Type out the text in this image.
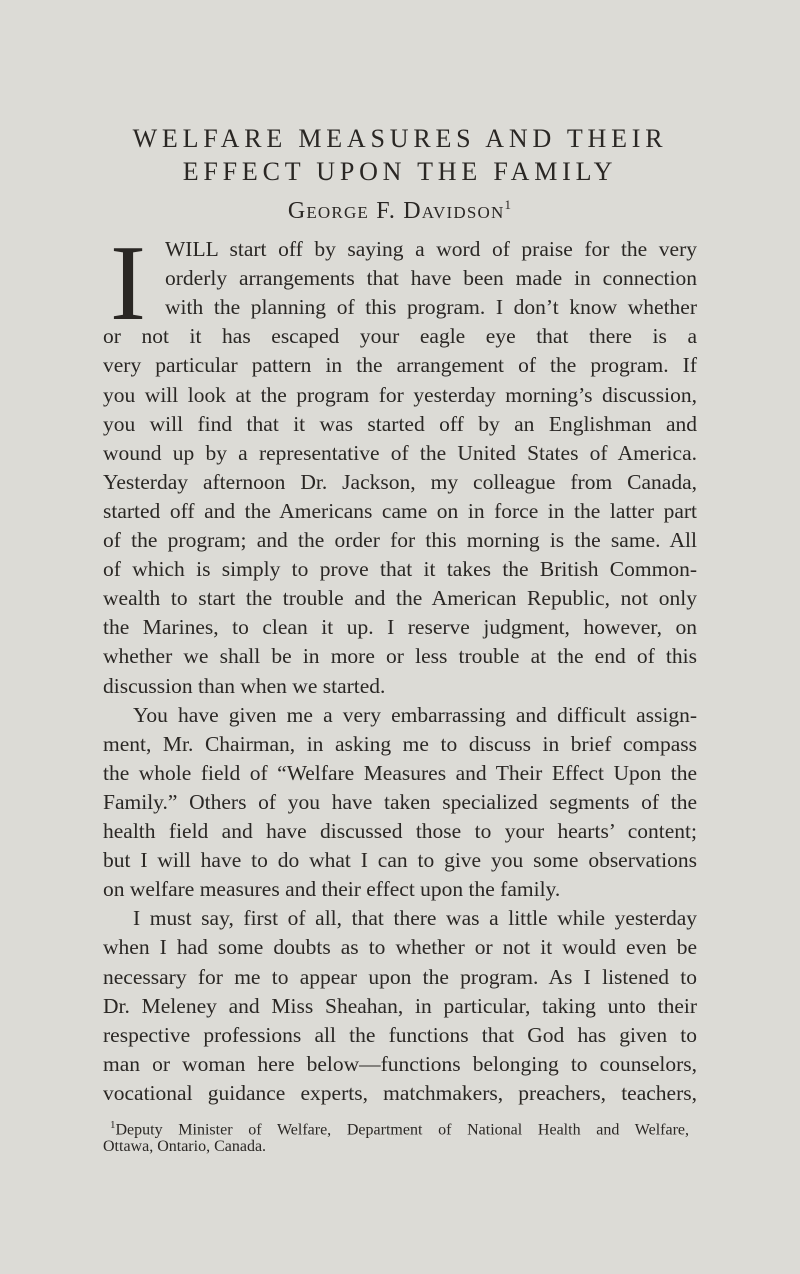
WELFARE MEASURES AND THEIR
EFFECT UPON THE FAMILY
George F. Davidson$^1$
I WILL start off by saying a word of praise for the very
orderly arrangements that have been made in connection
with the planning of this program. I don’t know whether
or not it has escaped your eagle eye that there is a
very particular pattern in the arrangement of the program. If
you will look at the program for yesterday morning’s discussion,
you will find that it was started off by an Englishman and
wound up by a representative of the United States of America.
Yesterday afternoon Dr. Jackson, my colleague from Canada,
started off and the Americans came on in force in the latter part
of the program; and the order for this morning is the same. All
of which is simply to prove that it takes the British Common-
wealth to start the trouble and the American Republic, not only
the Marines, to clean it up. I reserve judgment, however, on
whether we shall be in more or less trouble at the end of this
discussion than when we started.
You have given me a very embarrassing and difficult assign-
ment, Mr. Chairman, in asking me to discuss in brief compass
the whole field of “Welfare Measures and Their Effect Upon the
Family.” Others of you have taken specialized segments of the
health field and have discussed those to your hearts’ content;
but I will have to do what I can to give you some observations
on welfare measures and their effect upon the family.
I must say, first of all, that there was a little while yesterday
when I had some doubts as to whether or not it would even be
necessary for me to appear upon the program. As I listened to
Dr. Meleney and Miss Sheahan, in particular, taking unto their
respective professions all the functions that God has given to
man or woman here below—functions belonging to counselors,
vocational guidance experts, matchmakers, preachers, teachers,
$^1$Deputy Minister of Welfare, Department of National Health and Welfare,
Ottawa, Ontario, Canada.
